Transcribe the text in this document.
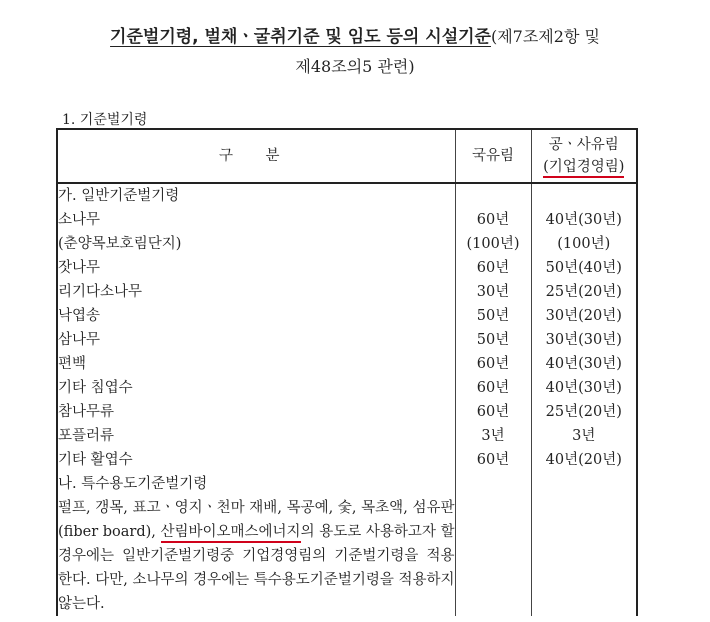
기준벌기령, 벌채ㆍ굴취기준 및 임도 등의 시설기준(제7조제2항 및
제48조의5 관련)
1. 기준벌기령
구 분	국유림	공ㆍ사유림
(기업경영림)
가. 일반기준벌기령		
소나무	60년	40년(30년)
(춘양목보호림단지)	(100년)	(100년)
잣나무	60년	50년(40년)
리기다소나무	30년	25년(20년)
낙엽송	50년	30년(20년)
삼나무	50년	30년(30년)
편백	60년	40년(30년)
기타 침엽수	60년	40년(30년)
참나무류	60년	25년(20년)
포플러류	3년	3년
기타 활엽수	60년	40년(20년)
나. 특수용도기준벌기령		
펄프, 갱목, 표고ㆍ영지ㆍ천마 재배, 목공예, 숯, 목초액, 섬유판(fiber board), 산림바이오매스에너지의 용도로 사용하고자 할 경우에는 일반기준벌기령중 기업경영림의 기준벌기령을 적용한다. 다만, 소나무의 경우에는 특수용도기준벌기령을 적용하지 않는다.		
